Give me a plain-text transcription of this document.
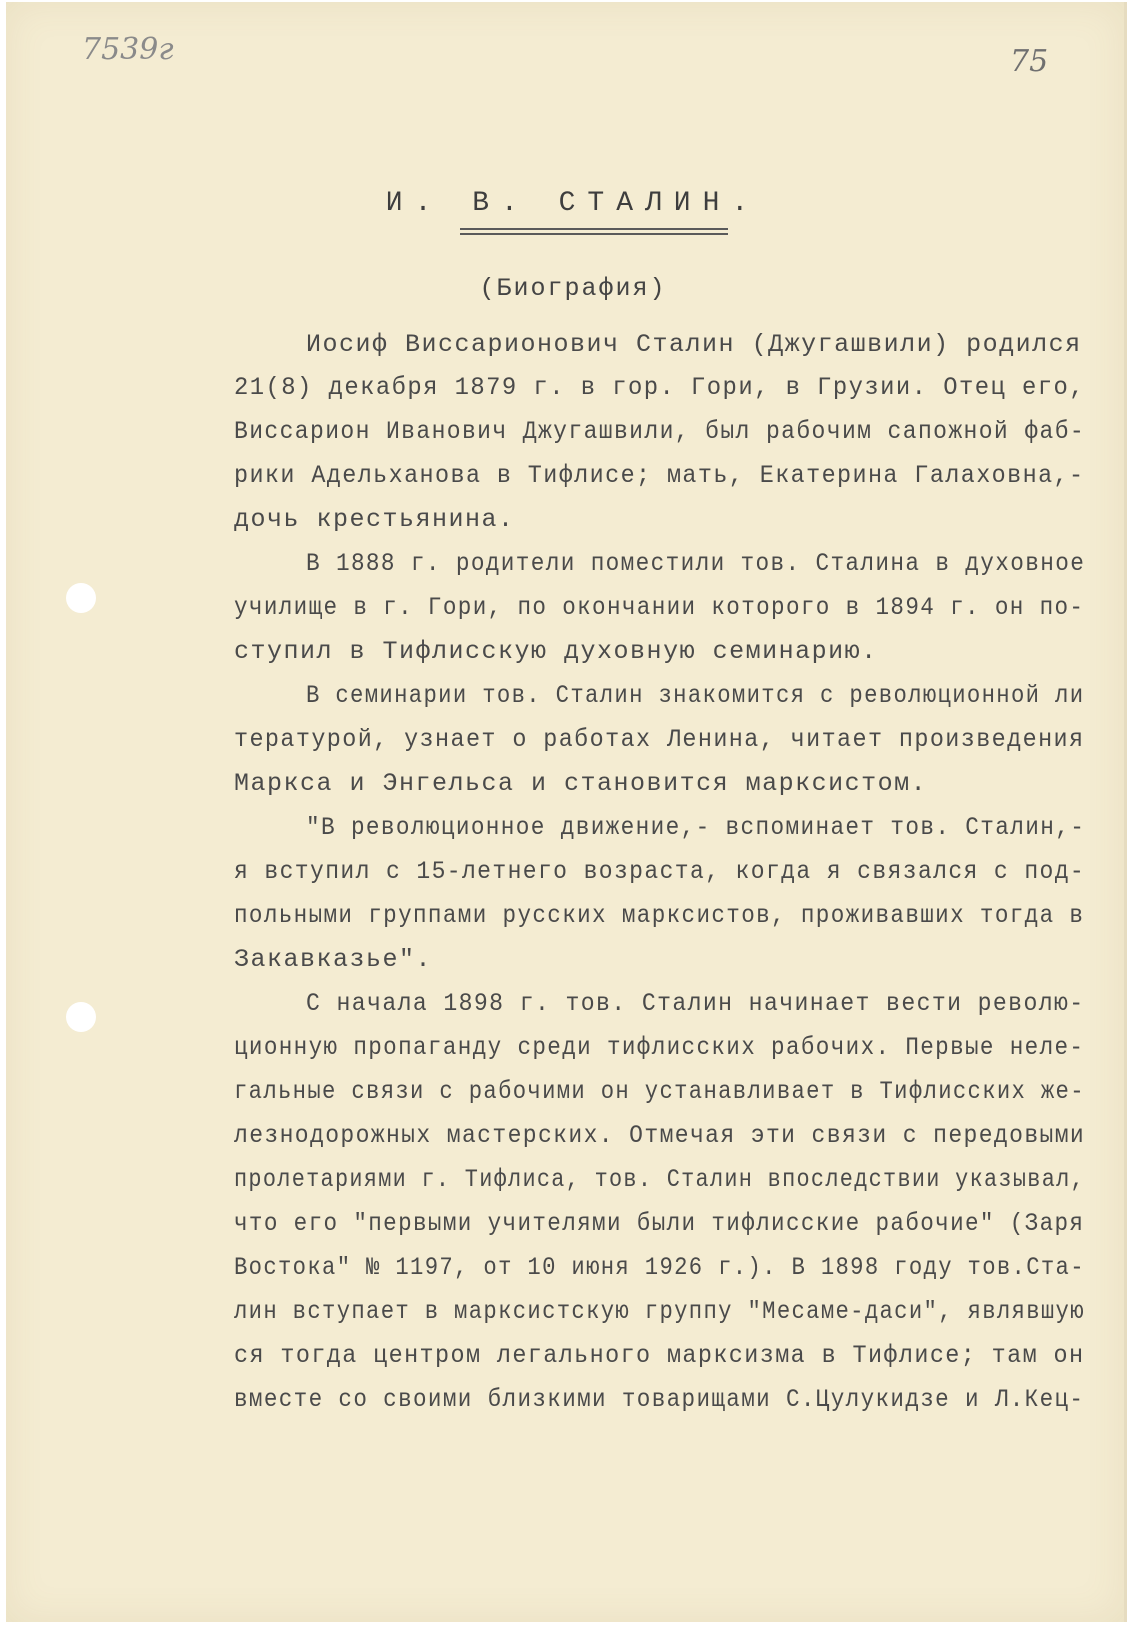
7539г	75
И. В. СТАЛИН.
(Биография)
Иосиф Виссарионович Сталин (Джугашвили) родился
21(8) декабря 1879 г. в гор. Гори, в Грузии. Отец его,
Виссарион Иванович Джугашвили, был рабочим сапожной фаб-
рики Адельханова в Тифлисе; мать, Екатерина Галаховна,-
дочь крестьянина.
В 1888 г. родители поместили тов. Сталина в духовное
училище в г. Гори, по окончании которого в 1894 г. он по-
ступил в Тифлисскую духовную семинарию.
В семинарии тов. Сталин знакомится с революционной ли
тературой, узнает о работах Ленина, читает произведения
Маркса и Энгельса и становится марксистом.
"В революционное движение,- вспоминает тов. Сталин,-
я вступил с 15-летнего возраста, когда я связался с под-
польными группами русских марксистов, проживавших тогда в
Закавказье".
С начала 1898 г. тов. Сталин начинает вести револю-
ционную пропаганду среди тифлисских рабочих. Первые неле-
гальные связи с рабочими он устанавливает в Тифлисских же-
лезнодорожных мастерских. Отмечая эти связи с передовыми
пролетариями г. Тифлиса, тов. Сталин впоследствии указывал,
что его "первыми учителями были тифлисские рабочие" (Заря
Востока" № 1197, от 10 июня 1926 г.). В 1898 году тов.Ста-
лин вступает в марксистскую группу "Месаме-даси", являвшую
ся тогда центром легального марксизма в Тифлисе; там он
вместе со своими близкими товарищами С.Цулукидзе и Л.Кец-
